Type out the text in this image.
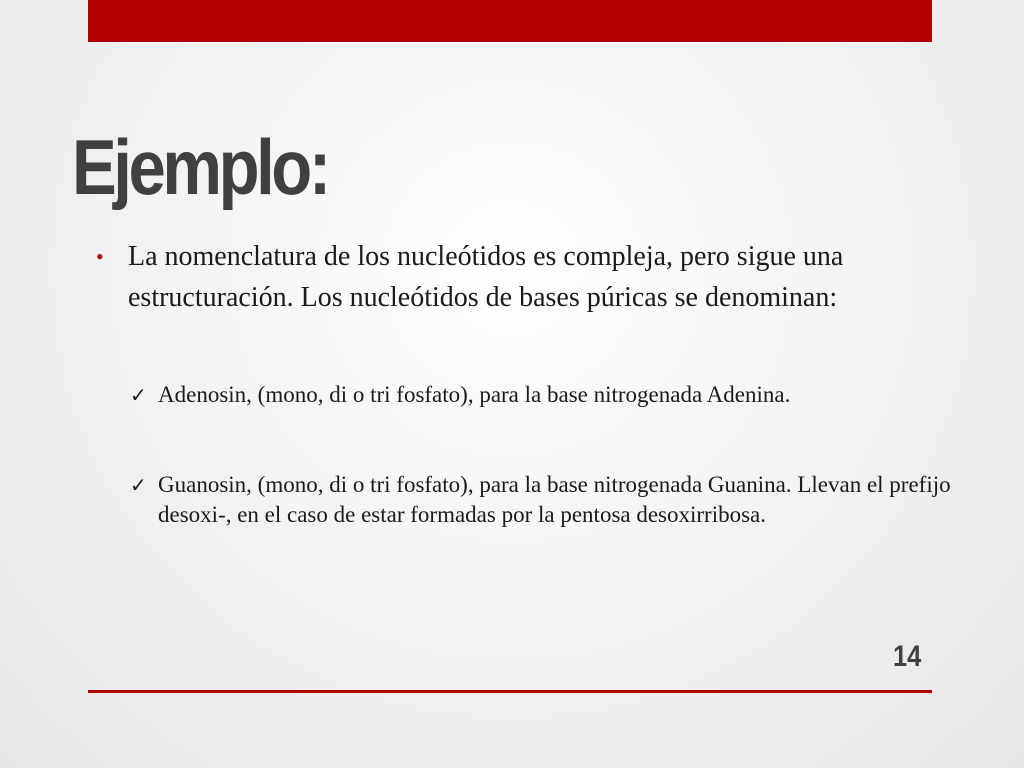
Ejemplo:
• La nomenclatura de los nucleótidos es compleja, pero sigue una estructuración. Los nucleótidos de bases púricas se denominan:
✓ Adenosin, (mono, di o tri fosfato), para la base nitrogenada Adenina.
✓ Guanosin, (mono, di o tri fosfato), para la base nitrogenada Guanina. Llevan el prefijo desoxi-, en el caso de estar formadas por la pentosa desoxirribosa.
14
